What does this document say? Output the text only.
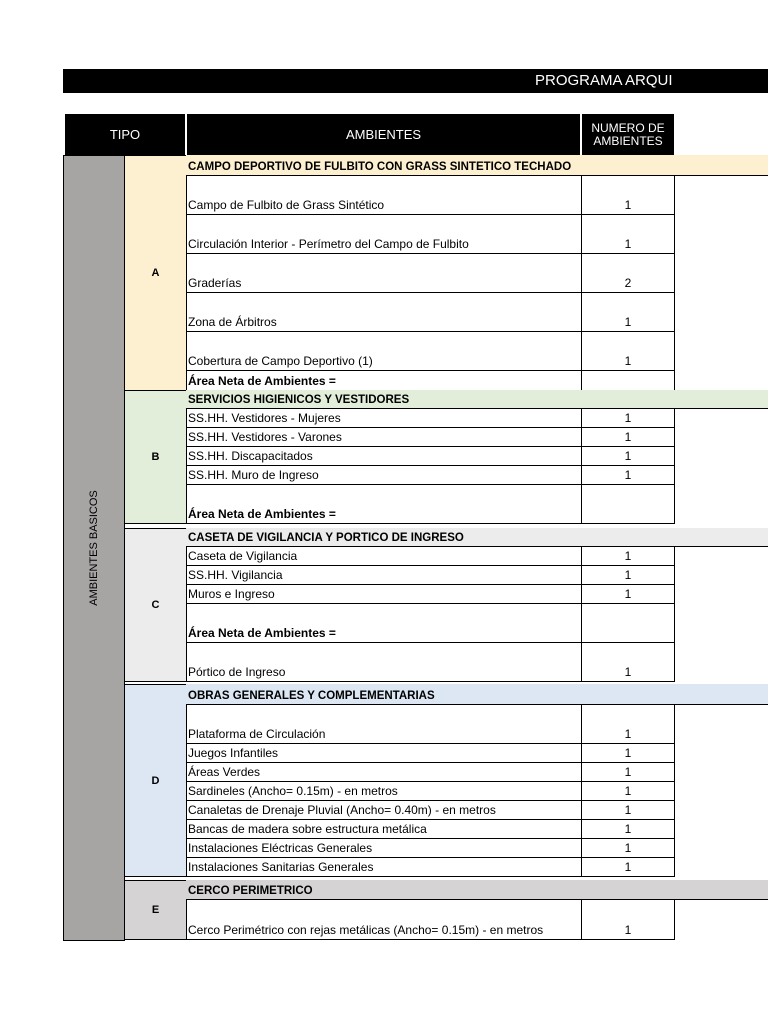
PROGRAMA ARQUI
TIPO	AMBIENTES	NUMERO DE AMBIENTES
AMBIENTES BASICOS
A
CAMPO DEPORTIVO DE FULBITO CON GRASS SINTETICO TECHADO
Campo de Fulbito de Grass Sintético	1
Circulación Interior - Perímetro del Campo de Fulbito	1
Graderías	2
Zona de Árbitros	1
Cobertura de Campo Deportivo (1)	1
Área Neta de Ambientes =
B
SERVICIOS HIGIENICOS Y VESTIDORES
SS.HH. Vestidores - Mujeres	1
SS.HH. Vestidores - Varones	1
SS.HH. Discapacitados	1
SS.HH. Muro de Ingreso	1
Área Neta de Ambientes =
C
CASETA DE VIGILANCIA Y PORTICO DE INGRESO
Caseta de Vigilancia	1
SS.HH. Vigilancia	1
Muros e Ingreso	1
Área Neta de Ambientes =
Pórtico de Ingreso	1
D
OBRAS GENERALES Y COMPLEMENTARIAS
Plataforma de Circulación	1
Juegos Infantiles	1
Áreas Verdes	1
Sardineles (Ancho= 0.15m) - en metros	1
Canaletas de Drenaje Pluvial (Ancho= 0.40m) - en metros	1
Bancas de madera sobre estructura metálica	1
Instalaciones Eléctricas Generales	1
Instalaciones Sanitarias Generales	1
E
CERCO PERIMETRICO
Cerco Perimétrico con rejas metálicas (Ancho= 0.15m) - en metros	1
